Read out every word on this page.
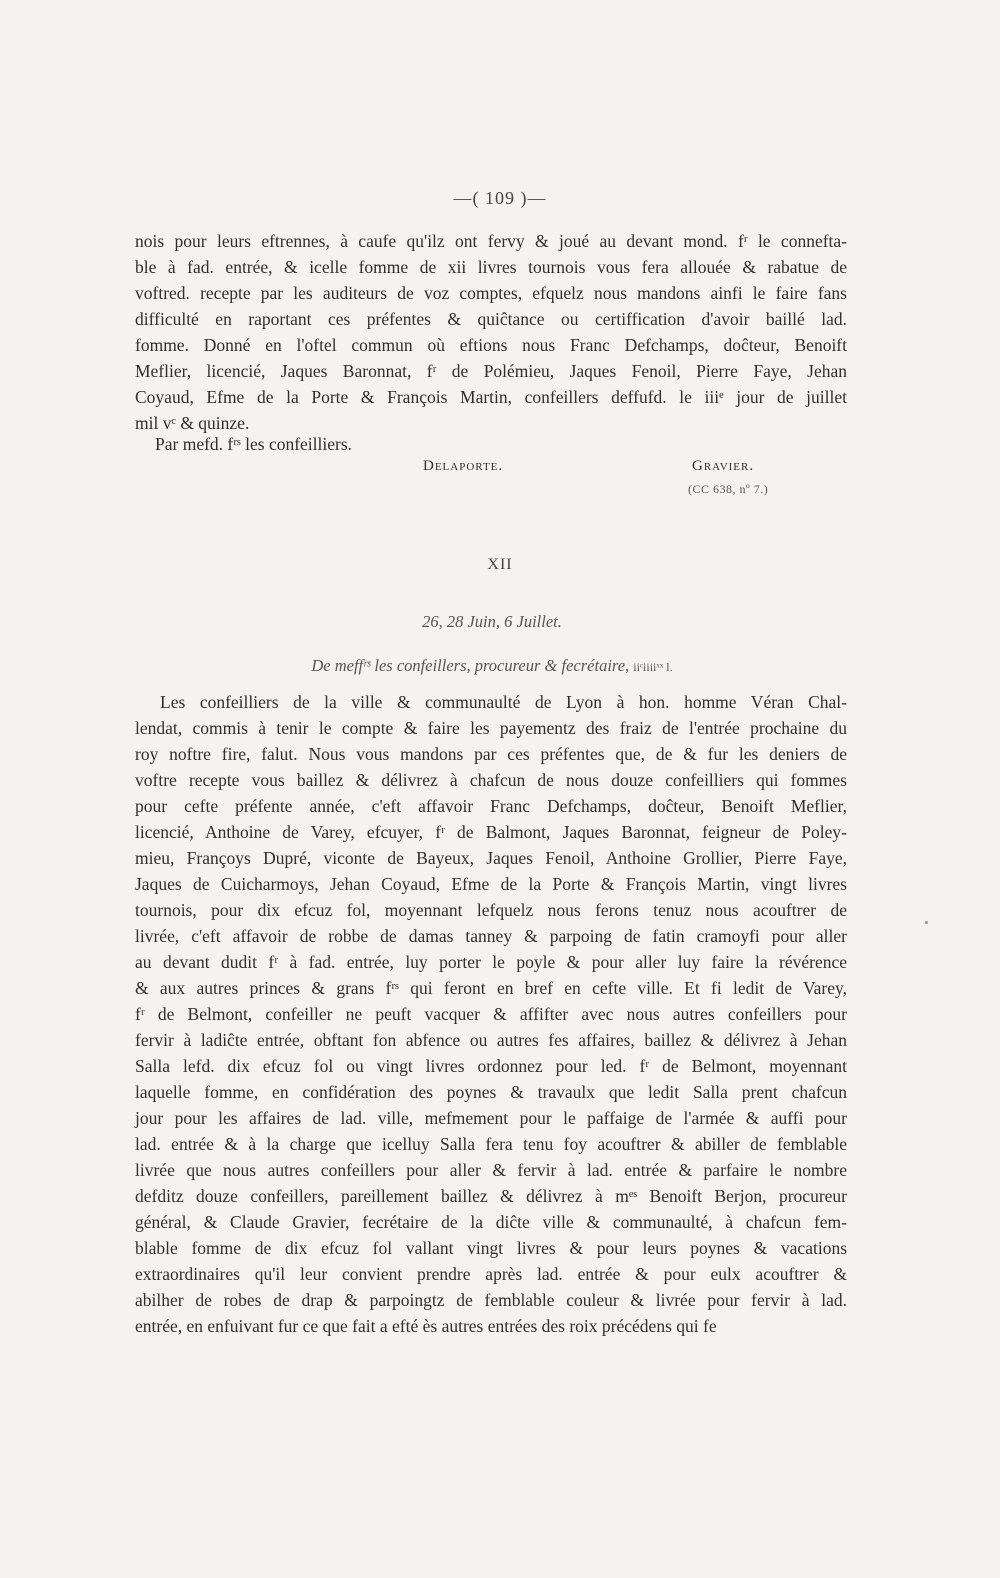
—( 109 )—
nois pour leurs eftrennes, à caufe qu'ilz ont fervy & joué au devant mond. fʳ le connefta-
ble à fad. entrée, & icelle fomme de xii livres tournois vous fera allouée & rabatue de
voftred. recepte par les auditeurs de voz comptes, efquelz nous mandons ainfi le faire fans
difficulté en raportant ces préfentes & quiĉtance ou certiffication d'avoir baillé lad.
fomme. Donné en l'oftel commun où eftions nous Franc Defchamps, doĉteur, Benoift
Meflier, licencié, Jaques Baronnat, fʳ de Polémieu, Jaques Fenoil, Pierre Faye, Jehan
Coyaud, Efme de la Porte & François Martin, confeillers deffufd. le iiiᵉ jour de juillet
mil vᶜ & quinze.
Par mefd. fʳˢ les confeilliers.
Delaporte.	Gravier.
(CC 638, nº 7.)
XII
26, 28 Juin, 6 Juillet.
De meffʳˢ les confeillers, procureur & fecrétaire, iiᶜiiiiˣˣ l.
Les confeilliers de la ville & communaulté de Lyon à hon. homme Véran Chal-
lendat, commis à tenir le compte & faire les payementz des fraiz de l'entrée prochaine du
roy noftre fire, falut. Nous vous mandons par ces préfentes que, de & fur les deniers de
voftre recepte vous baillez & délivrez à chafcun de nous douze confeilliers qui fommes
pour cefte préfente année, c'eft affavoir Franc Defchamps, doĉteur, Benoift Meflier,
licencié, Anthoine de Varey, efcuyer, fʳ de Balmont, Jaques Baronnat, feigneur de Poley-
mieu, Françoys Dupré, viconte de Bayeux, Jaques Fenoil, Anthoine Grollier, Pierre Faye,
Jaques de Cuicharmoys, Jehan Coyaud, Efme de la Porte & François Martin, vingt livres
tournois, pour dix efcuz fol, moyennant lefquelz nous ferons tenuz nous acouftrer de
livrée, c'eft affavoir de robbe de damas tanney & parpoing de fatin cramoyfi pour aller
au devant dudit fʳ à fad. entrée, luy porter le poyle & pour aller luy faire la révérence
& aux autres princes & grans fʳˢ qui feront en bref en cefte ville. Et fi ledit de Varey,
fʳ de Belmont, confeiller ne peuft vacquer & affifter avec nous autres confeillers pour
fervir à ladiĉte entrée, obftant fon abfence ou autres fes affaires, baillez & délivrez à Jehan
Salla lefd. dix efcuz fol ou vingt livres ordonnez pour led. fʳ de Belmont, moyennant
laquelle fomme, en confidération des poynes & travaulx que ledit Salla prent chafcun
jour pour les affaires de lad. ville, mefmement pour le paffaige de l'armée & auffi pour
lad. entrée & à la charge que icelluy Salla fera tenu foy acouftrer & abiller de femblable
livrée que nous autres confeillers pour aller & fervir à lad. entrée & parfaire le nombre
defditz douze confeillers, pareillement baillez & délivrez à mᵉˢ Benoift Berjon, procureur
général, & Claude Gravier, fecrétaire de la diĉte ville & communaulté, à chafcun fem-
blable fomme de dix efcuz fol vallant vingt livres & pour leurs poynes & vacations
extraordinaires qu'il leur convient prendre après lad. entrée & pour eulx acouftrer &
abilher de robes de drap & parpoingtz de femblable couleur & livrée pour fervir à lad.
entrée, en enfuivant fur ce que fait a efté ès autres entrées des roix précédens qui fe
